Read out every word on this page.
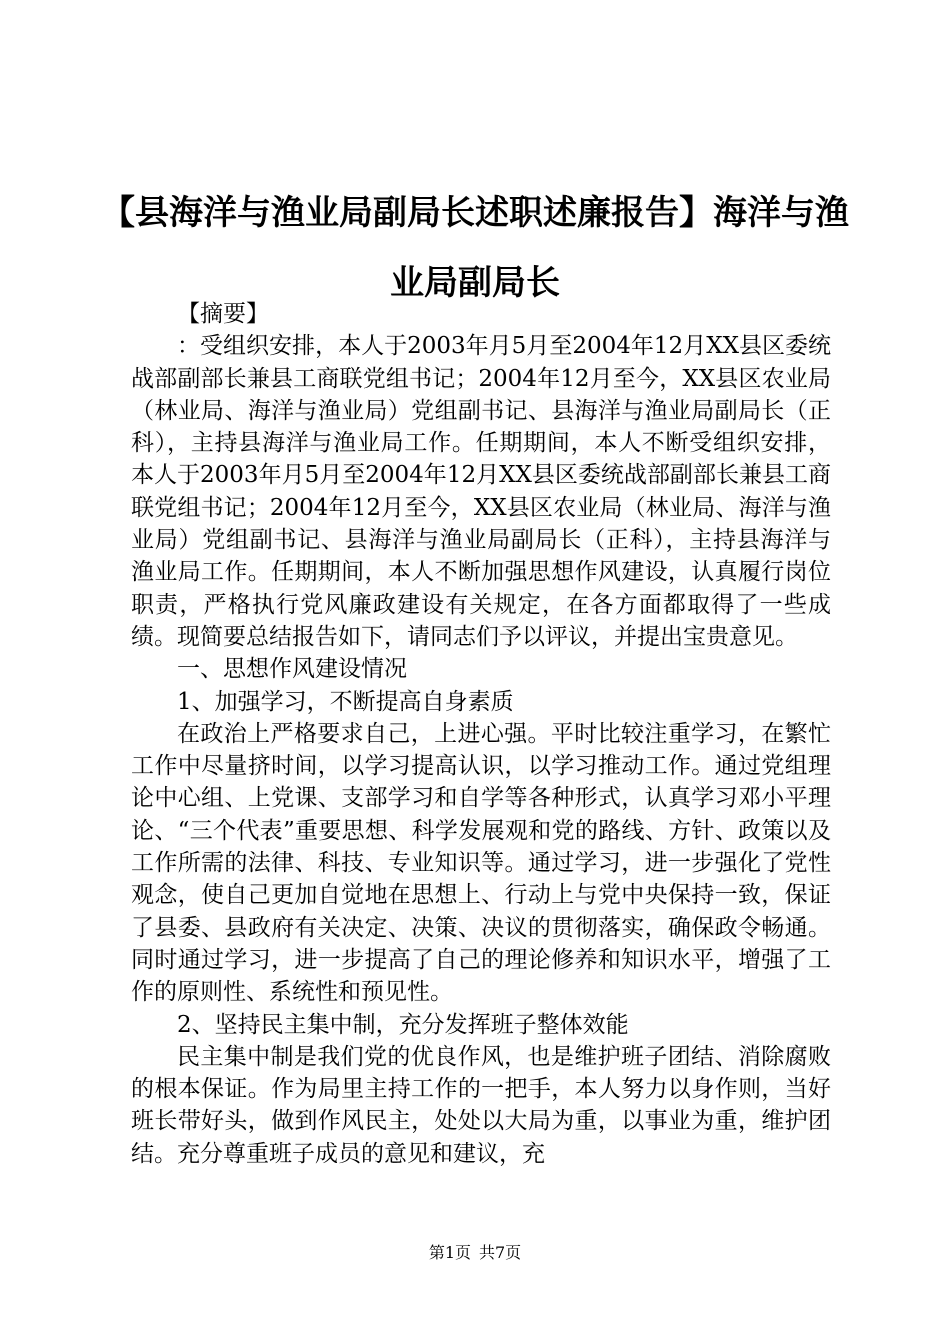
【县海洋与渔业局副局长述职述廉报告】海洋与渔业局副局长

【摘要】

：受组织安排，本人于2003年月5月至2004年12月XX县区委统战部副部长兼县工商联党组书记；2004年12月至今，XX县区农业局（林业局、海洋与渔业局）党组副书记、县海洋与渔业局副局长（正科），主持县海洋与渔业局工作。任期期间，本人不断受组织安排，本人于2003年月5月至2004年12月XX县区委统战部副部长兼县工商联党组书记；2004年12月至今，XX县区农业局（林业局、海洋与渔业局）党组副书记、县海洋与渔业局副局长（正科），主持县海洋与渔业局工作。任期期间，本人不断加强思想作风建设，认真履行岗位职责，严格执行党风廉政建设有关规定，在各方面都取得了一些成绩。现简要总结报告如下，请同志们予以评议，并提出宝贵意见。

一、思想作风建设情况

1、加强学习，不断提高自身素质

在政治上严格要求自己，上进心强。平时比较注重学习，在繁忙工作中尽量挤时间，以学习提高认识，以学习推动工作。通过党组理论中心组、上党课、支部学习和自学等各种形式，认真学习邓小平理论、“三个代表”重要思想、科学发展观和党的路线、方针、政策以及工作所需的法律、科技、专业知识等。通过学习，进一步强化了党性观念，使自己更加自觉地在思想上、行动上与党中央保持一致，保证了县委、县政府有关决定、决策、决议的贯彻落实，确保政令畅通。同时通过学习，进一步提高了自己的理论修养和知识水平，增强了工作的原则性、系统性和预见性。

2、坚持民主集中制，充分发挥班子整体效能

民主集中制是我们党的优良作风，也是维护班子团结、消除腐败的根本保证。作为局里主持工作的一把手，本人努力以身作则，当好班长带好头，做到作风民主，处处以大局为重，以事业为重，维护团结。充分尊重班子成员的意见和建议，充

第1页 共7页
